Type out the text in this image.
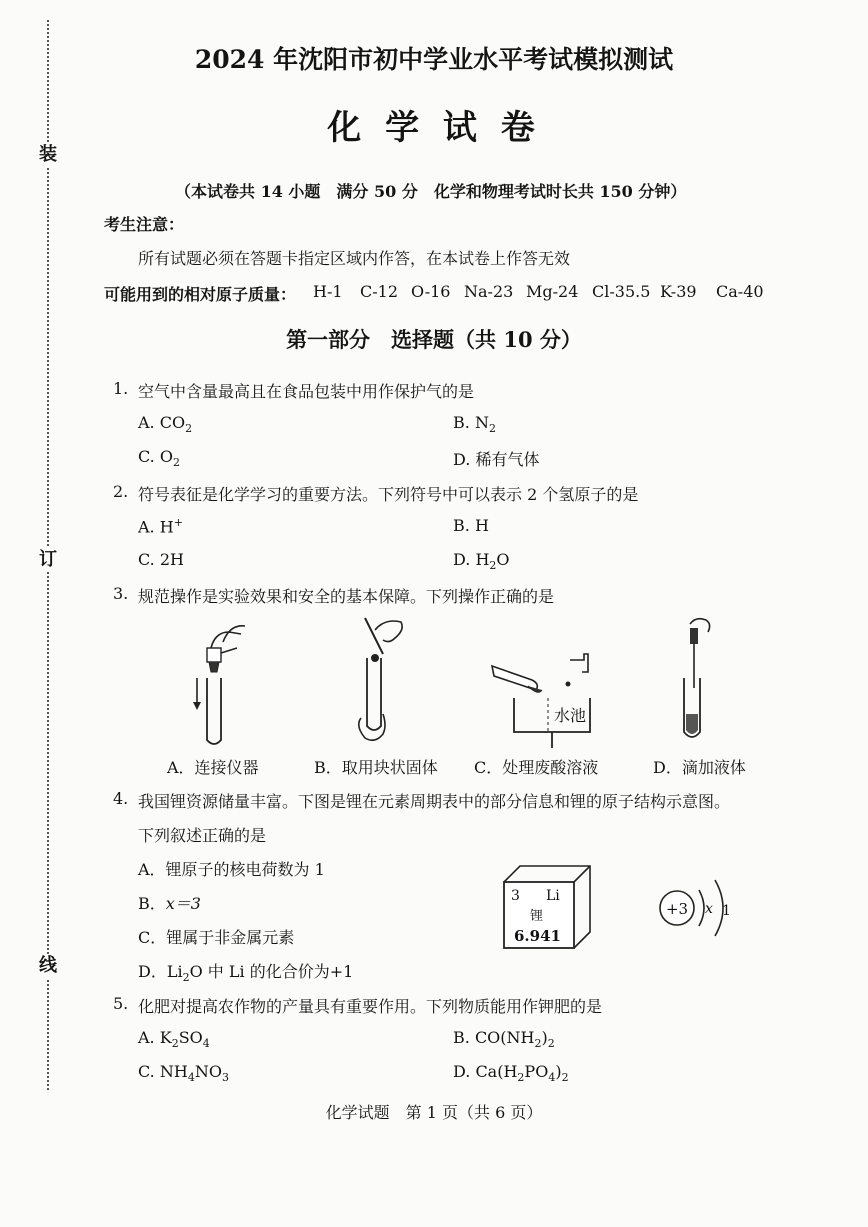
装
订
线
2024 年沈阳市初中学业水平考试模拟测试
化 学 试 卷
（本试卷共 14 小题　满分 50 分　化学和物理考试时长共 150 分钟）
考生注意：
所有试题必须在答题卡指定区域内作答，在本试卷上作答无效
可能用到的相对原子质量： H-1 C-12 O-16 Na-23 Mg-24 Cl-35.5 K-39 Ca-40
第一部分　选择题（共 10 分）
1. 空气中含量最高且在食品包装中用作保护气的是
A. $CO_2$	B. $N_2$
C. $O_2$	D. 稀有气体
2. 符号表征是化学学习的重要方法。下列符号中可以表示 2 个氢原子的是
A. H+	B. H
C. 2H	D. $H_2O$
3. 规范操作是实验效果和安全的基本保障。下列操作正确的是
水池
A．连接仪器	B．取用块状固体 C．处理废酸溶液	D．滴加液体
4. 我国锂资源储量丰富。下图是锂在元素周期表中的部分信息和锂的原子结构示意图。
下列叙述正确的是
A．锂原子的核电荷数为 1
B．x＝3
C．锂属于非金属元素
D．$Li_2O$ 中 Li 的化合价为+1
3 Li
锂
6.941
+3 x 1
5. 化肥对提高农作物的产量具有重要作用。下列物质能用作钾肥的是
A. $K_2SO_4$	B. $CO(NH_2)_2$
C. $NH_4NO_3$	D. $Ca(H_2PO_4)_2$
化学试题　第 1 页（共 6 页）
